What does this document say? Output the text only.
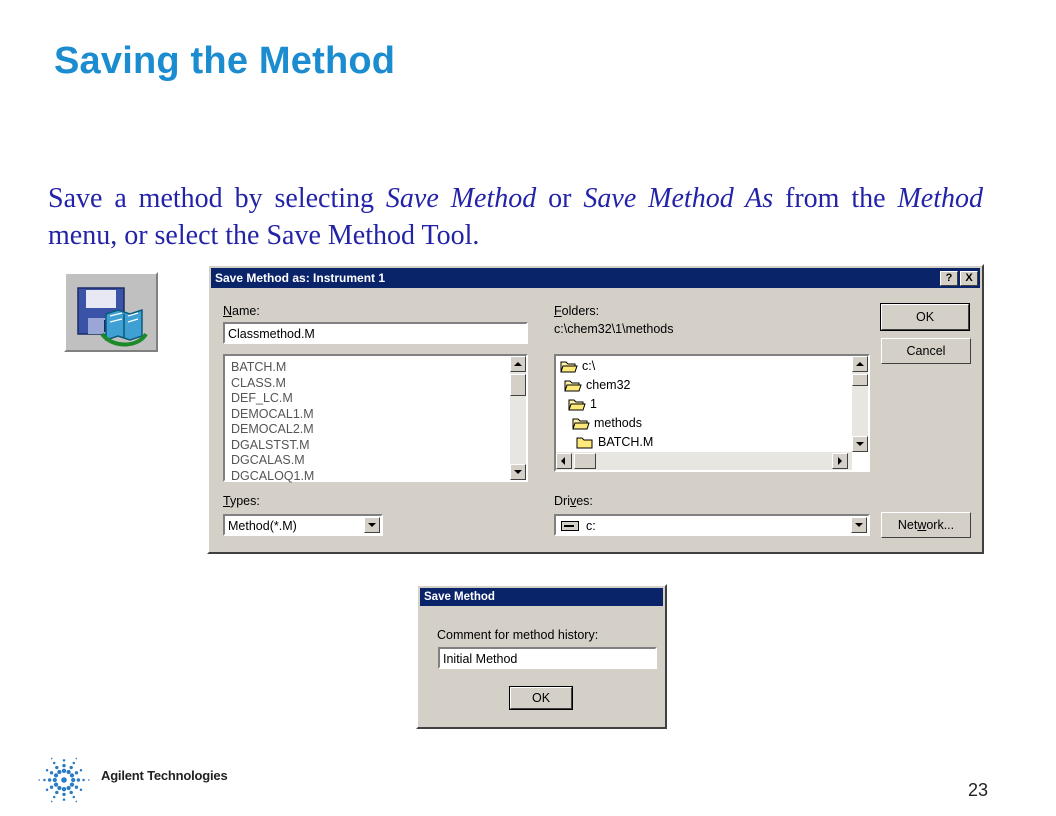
Saving the Method
Save a method by selecting Save Method or Save Method As from the Method menu, or select the Save Method Tool.
Save Method as: Instrument 1	?	X
Name:
Classmethod.M
BATCH.M
CLASS.M
DEF_LC.M
DEMOCAL1.M
DEMOCAL2.M
DGALSTST.M
DGCALAS.M
DGCALOQ1.M
Folders:
c:\chem32\1\methods
c:\
chem32
1
methods
BATCH.M
Types:
Method(*.M)
Drives:
c:
OK
Cancel
Network...
Save Method
Comment for method history:
Initial Method
OK
Agilent Technologies
23
